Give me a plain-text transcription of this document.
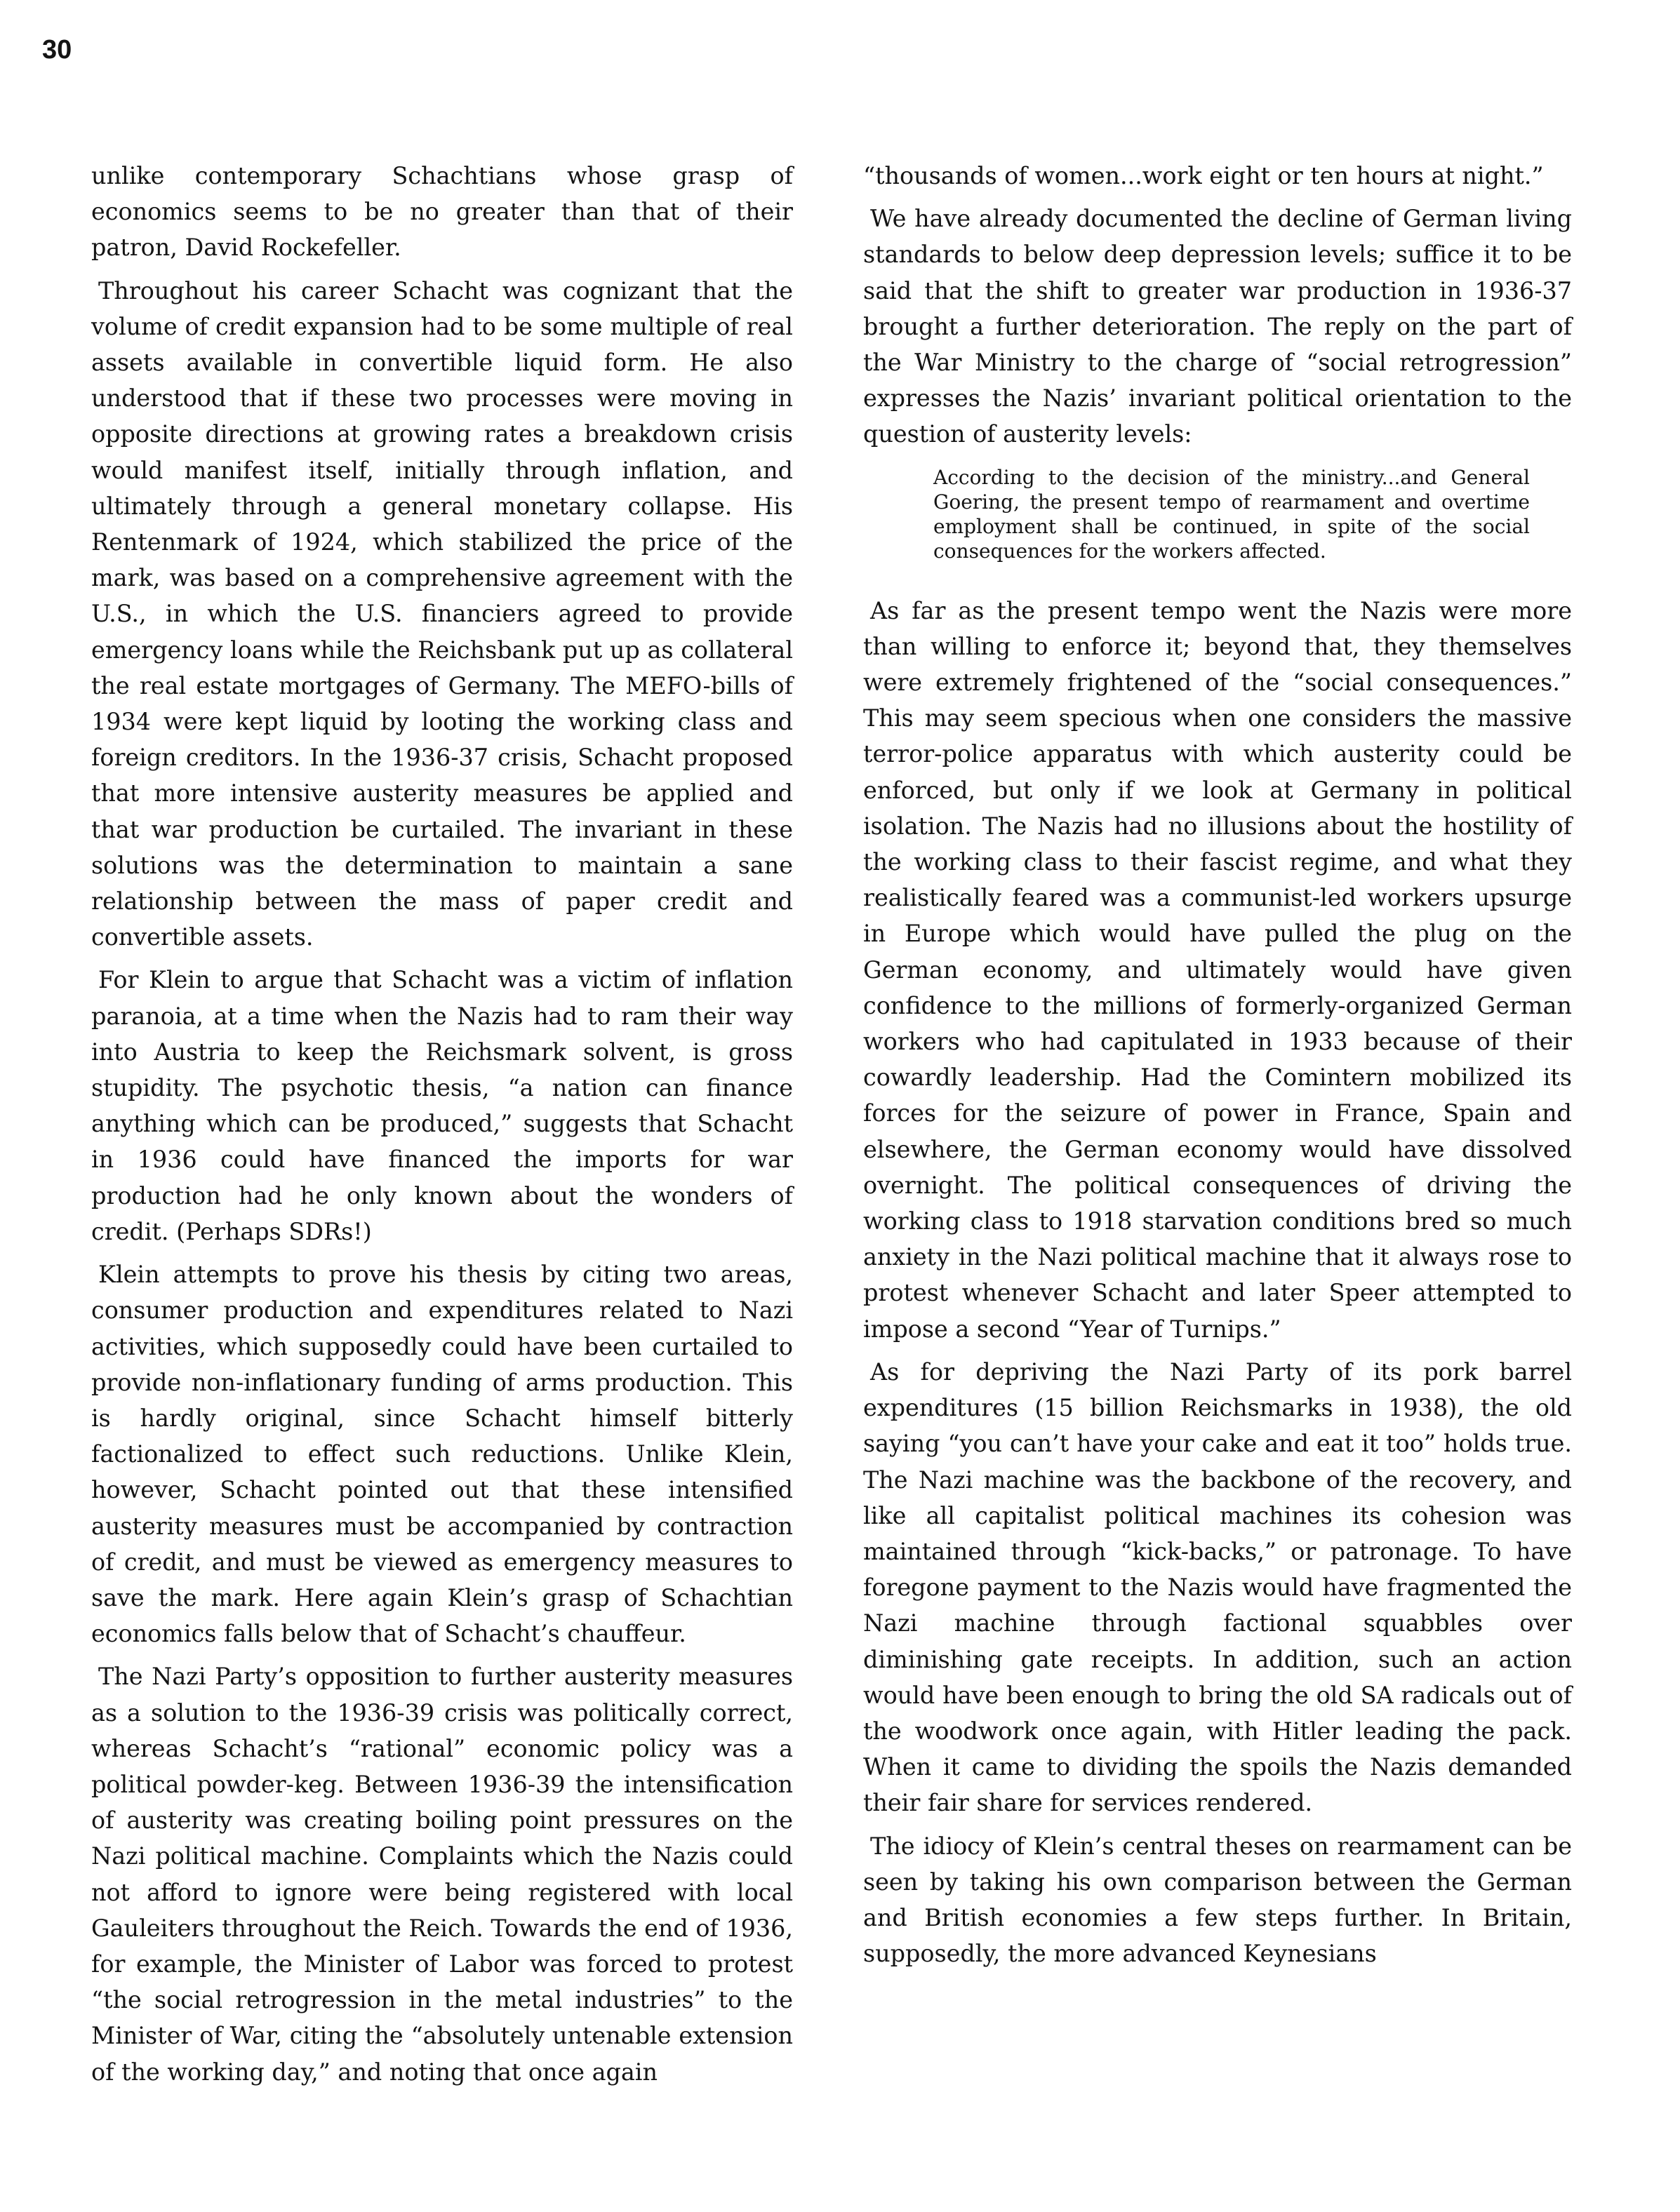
30

unlike contemporary Schachtians whose grasp of economics seems to be no greater than that of their patron, David Rockefeller.

Throughout his career Schacht was cognizant that the volume of credit expansion had to be some multiple of real assets available in convertible liquid form. He also understood that if these two processes were moving in opposite directions at growing rates a breakdown crisis would manifest itself, initially through inflation, and ultimately through a general monetary collapse. His Rentenmark of 1924, which stabilized the price of the mark, was based on a comprehensive agreement with the U.S., in which the U.S. financiers agreed to provide emergency loans while the Reichsbank put up as collateral the real estate mortgages of Germany. The MEFO-bills of 1934 were kept liquid by looting the working class and foreign creditors. In the 1936-37 crisis, Schacht proposed that more intensive austerity measures be applied and that war production be curtailed. The invariant in these solutions was the determination to maintain a sane relationship between the mass of paper credit and convertible assets.

For Klein to argue that Schacht was a victim of inflation paranoia, at a time when the Nazis had to ram their way into Austria to keep the Reichsmark solvent, is gross stupidity. The psychotic thesis, “a nation can finance anything which can be produced,” suggests that Schacht in 1936 could have financed the imports for war production had he only known about the wonders of credit. (Perhaps SDRs!)

Klein attempts to prove his thesis by citing two areas, consumer production and expenditures related to Nazi activities, which supposedly could have been curtailed to provide non-inflationary funding of arms production. This is hardly original, since Schacht himself bitterly factionalized to effect such reductions. Unlike Klein, however, Schacht pointed out that these intensified austerity measures must be accompanied by contraction of credit, and must be viewed as emergency measures to save the mark. Here again Klein’s grasp of Schachtian economics falls below that of Schacht’s chauffeur.

The Nazi Party’s opposition to further austerity measures as a solution to the 1936-39 crisis was politically correct, whereas Schacht’s “rational” economic policy was a political powder-keg. Between 1936-39 the intensification of austerity was creating boiling point pressures on the Nazi political machine. Complaints which the Nazis could not afford to ignore were being registered with local Gauleiters throughout the Reich. Towards the end of 1936, for example, the Minister of Labor was forced to protest “the social retrogression in the metal industries” to the Minister of War, citing the “absolutely untenable extension of the working day,” and noting that once again

“thousands of women...work eight or ten hours at night.”

We have already documented the decline of German living standards to below deep depression levels; suffice it to be said that the shift to greater war production in 1936-37 brought a further deterioration. The reply on the part of the War Ministry to the charge of “social retrogression” expresses the Nazis’ invariant political orientation to the question of austerity levels:

According to the decision of the ministry...and General Goering, the present tempo of rearmament and overtime employment shall be continued, in spite of the social consequences for the workers affected.

As far as the present tempo went the Nazis were more than willing to enforce it; beyond that, they themselves were extremely frightened of the “social consequences.” This may seem specious when one considers the massive terror-police apparatus with which austerity could be enforced, but only if we look at Germany in political isolation. The Nazis had no illusions about the hostility of the working class to their fascist regime, and what they realistically feared was a communist-led workers upsurge in Europe which would have pulled the plug on the German economy, and ultimately would have given confidence to the millions of formerly-organized German workers who had capitulated in 1933 because of their cowardly leadership. Had the Comintern mobilized its forces for the seizure of power in France, Spain and elsewhere, the German economy would have dissolved overnight. The political consequences of driving the working class to 1918 starvation conditions bred so much anxiety in the Nazi political machine that it always rose to protest whenever Schacht and later Speer attempted to impose a second “Year of Turnips.”

As for depriving the Nazi Party of its pork barrel expenditures (15 billion Reichsmarks in 1938), the old saying “you can’t have your cake and eat it too” holds true. The Nazi machine was the backbone of the recovery, and like all capitalist political machines its cohesion was maintained through “kick-backs,” or patronage. To have foregone payment to the Nazis would have fragmented the Nazi machine through factional squabbles over diminishing gate receipts. In addition, such an action would have been enough to bring the old SA radicals out of the woodwork once again, with Hitler leading the pack. When it came to dividing the spoils the Nazis demanded their fair share for services rendered.

The idiocy of Klein’s central theses on rearmament can be seen by taking his own comparison between the German and British economies a few steps further. In Britain, supposedly, the more advanced Keynesians
